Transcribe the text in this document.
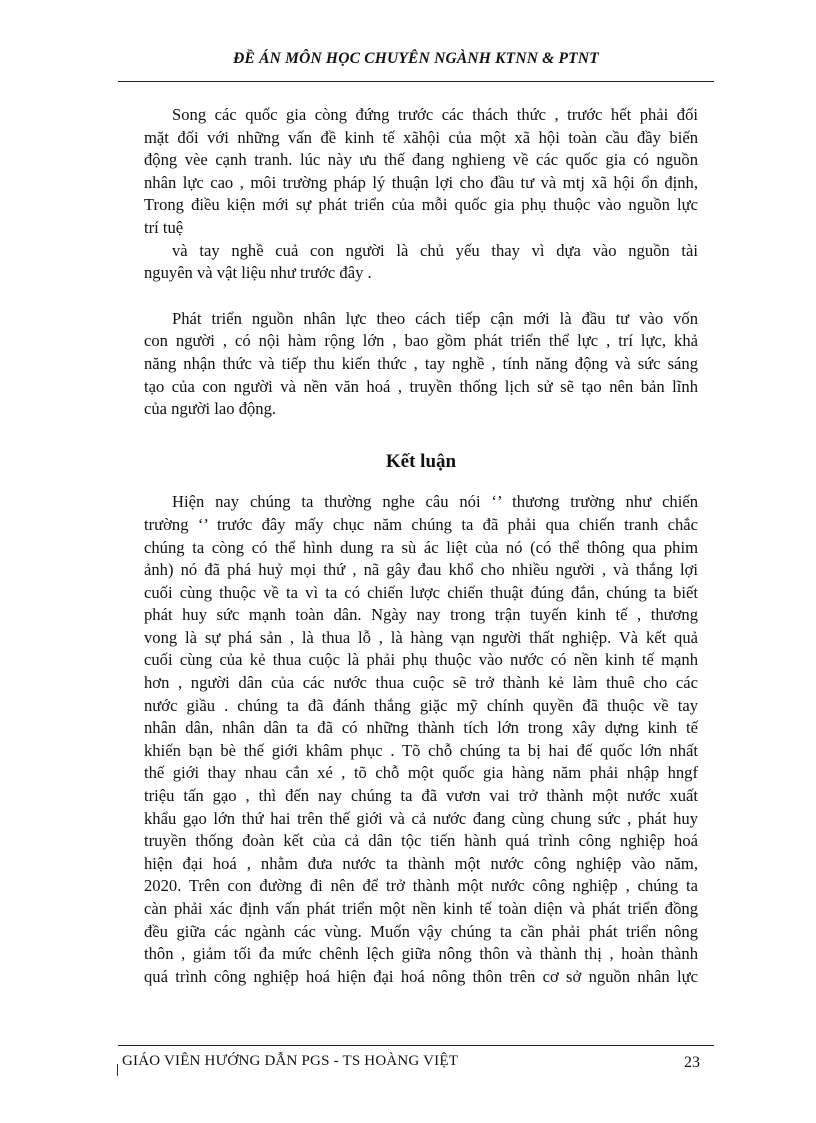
ĐỀ ÁN MÔN HỌC CHUYÊN NGÀNH KTNN & PTNT
Song các quốc gia còng đứng trước các thách thức , trước hết phải đối
mặt đối với những vấn đề kinh tế xãhội của một xã hội toàn cầu đầy biến
động vèe cạnh tranh. lúc này ưu thế đang nghieng về các quốc gia có nguồn
nhân lực cao , môi trường pháp lý thuận lợi cho đầu tư và mtj xã hội ổn định,
Trong điều kiện mới sự phát triển của mỗi quốc gia phụ thuộc vào nguồn lực
trí tuệ
và tay nghề cuả con người là chủ yếu thay vì dựa vào nguồn tài
nguyên và vật liệu như trước đây .
Phát triển nguồn nhân lực theo cách tiếp cận mới là đầu tư vào vốn
con người , có nội hàm rộng lớn , bao gồm phát triển thể lực , trí lực, khả
năng nhận thức và tiếp thu kiến thức , tay nghề , tính năng động và sức sáng
tạo của con người và nền văn hoá , truyền thống lịch sử sẽ tạo nên bản lĩnh
của người lao động.
Kết luận
Hiện nay chúng ta thường nghe câu nói ‘’ thương trường như chiến
trường ‘’ trước đây mấy chục năm chúng ta đã phải qua chiến tranh chắc
chúng ta còng có thể hình dung ra sù ác liệt của nó (có thể thông qua phim
ảnh) nó đã phá huỷ mọi thứ , nã gây đau khổ cho nhiều người , và thắng lợi
cuối cùng thuộc về ta vì ta có chiến lược chiến thuật đúng đắn, chúng ta biết
phát huy sức mạnh toàn dân. Ngày nay trong trận tuyến kinh tế , thương
vong là sự phá sản , là thua lỗ , là hàng vạn người thất nghiệp. Và kết quả
cuối cùng của kẻ thua cuộc là phải phụ thuộc vào nước có nền kinh tế mạnh
hơn , người dân của các nước thua cuộc sẽ trở thành kẻ làm thuê cho các
nước giầu . chúng ta đã đánh thắng giặc mỹ chính quyền đã thuộc về tay
nhân dân, nhân dân ta đã có những thành tích lớn trong xây dựng kinh tế
khiến bạn bè thế giới khâm phục . Tõ chỗ chúng ta bị hai đế quốc lớn nhất
thế giới thay nhau cắn xé , tõ chỗ một quốc gia hàng năm phải nhập hngf
triệu tấn gạo , thì đến nay chúng ta đã vươn vai trở thành một nước xuất
khẩu gạo lớn thứ hai trên thế giới và cả nước đang cùng chung sức , phát huy
truyền thống đoàn kết của cả dân tộc tiến hành quá trình công nghiệp hoá
hiện đại hoá , nhằm đưa nước ta thành một nước công nghiệp vào năm,
2020. Trên con đường đi nên để trở thành một nước công nghiệp , chúng ta
càn phải xác định vấn phát triển một nền kinh tế toàn diện và phát triển đồng
đều giữa các ngành các vùng. Muốn vậy chúng ta cần phải phát triển nông
thôn , giảm tối đa mức chênh lệch giữa nông thôn và thành thị , hoàn thành
quá trình công nghiệp hoá hiện đại hoá nông thôn trên cơ sở nguồn nhân lực
GIÁO VIÊN HƯỚNG DẪN PGS - TS HOÀNG VIỆT	23
